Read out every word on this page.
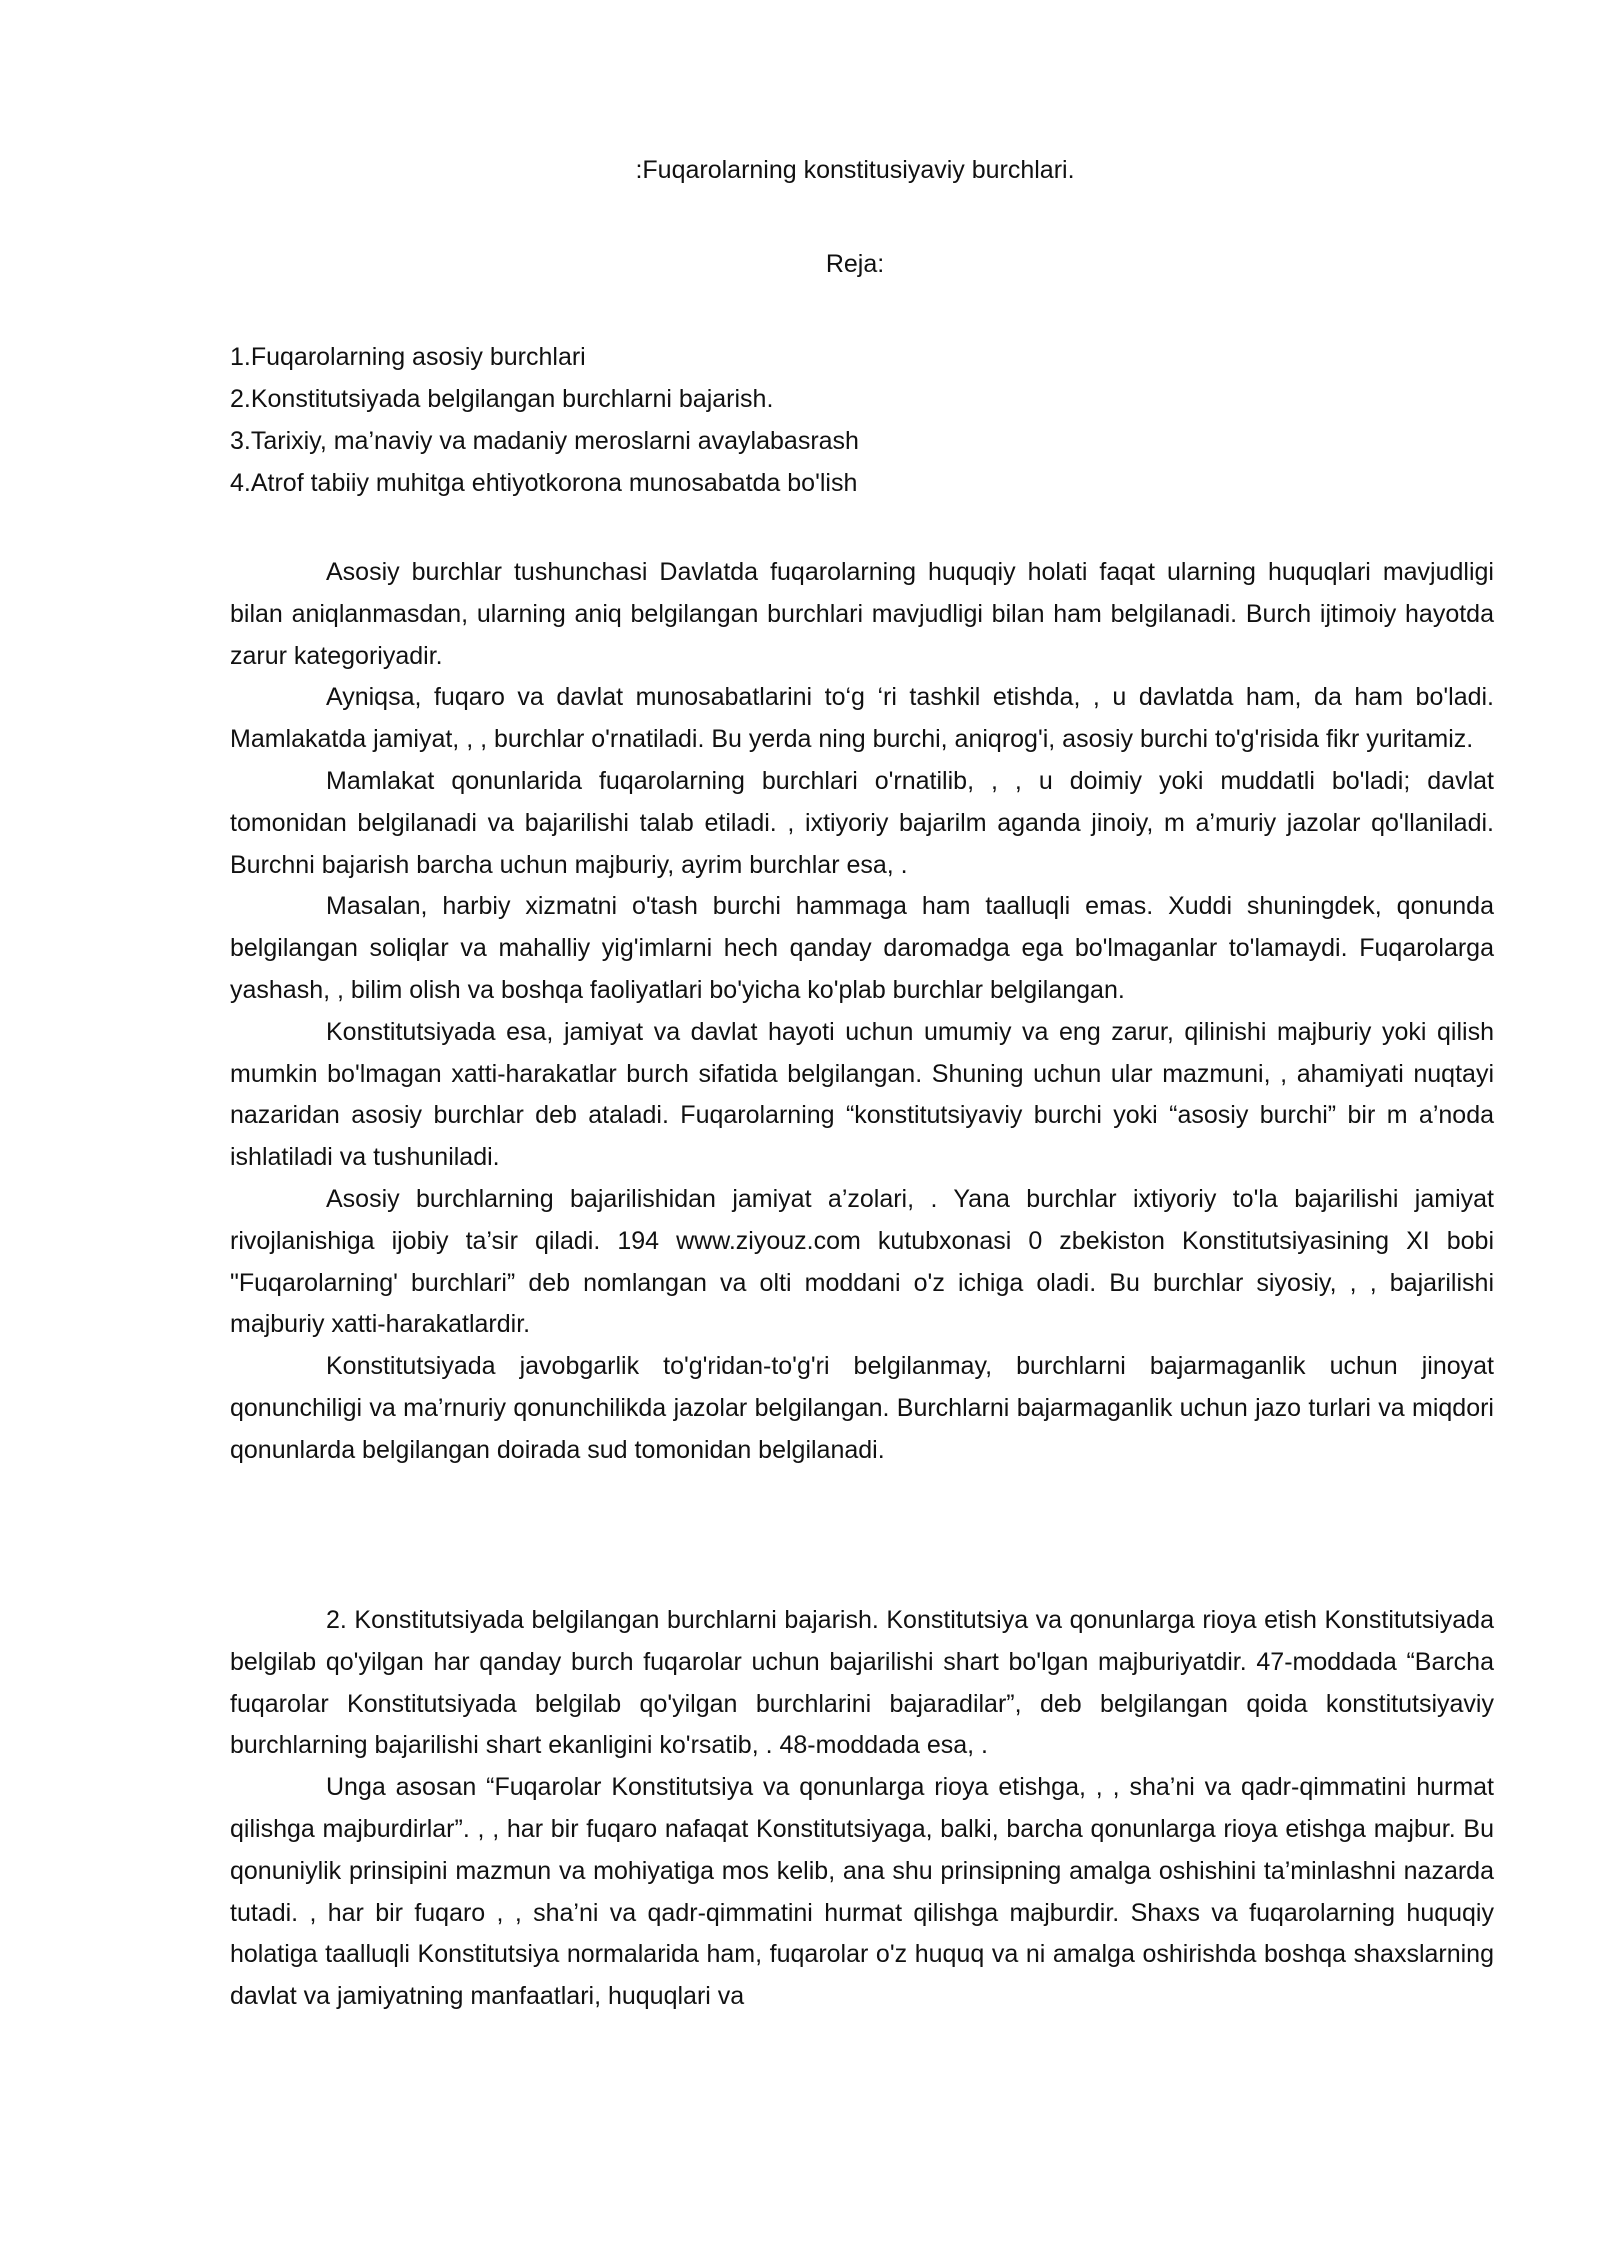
:Fuqarolarning konstitusiyaviy burchlari.
Reja:
1.Fuqarolarning asosiy burchlari
2.Konstitutsiyada belgilangan burchlarni bajarish.
3.Tarixiy, ma’naviy va madaniy meroslarni avaylabasrash
4.Atrof tabiiy muhitga ehtiyotkorona munosabatda bo'lish

Asosiy burchlar tushunchasi Davlatda fuqarolarning huquqiy holati faqat ularning huquqlari mavjudligi bilan aniqlanmasdan, ularning aniq belgilangan burchlari mavjudligi bilan ham belgilanadi. Burch ijtimoiy hayotda zarur kategoriyadir.

Ayniqsa, fuqaro va davlat munosabatlarini to‘g ‘ri tashkil etishda, , u davlatda ham, da ham bo'ladi. Mamlakatda jamiyat, , , burchlar o'rnatiladi. Bu yerda ning burchi, aniqrog'i, asosiy burchi to'g'risida fikr yuritamiz.

Mamlakat qonunlarida fuqarolarning burchlari o'rnatilib, , , u doimiy yoki muddatli bo'ladi; davlat tomonidan belgilanadi va bajarilishi talab etiladi. , ixtiyoriy bajarilm aganda jinoiy, m a’muriy jazolar qo'llaniladi. Burchni bajarish barcha uchun majburiy, ayrim burchlar esa, .

Masalan, harbiy xizmatni o'tash burchi hammaga ham taalluqli emas. Xuddi shuningdek, qonunda belgilangan soliqlar va mahalliy yig'imlarni hech qanday daromadga ega bo'lmaganlar to'lamaydi. Fuqarolarga yashash, , bilim olish va boshqa faoliyatlari bo'yicha ko'plab burchlar belgilangan.

Konstitutsiyada esa, jamiyat va davlat hayoti uchun umumiy va eng zarur, qilinishi majburiy yoki qilish mumkin bo'lmagan xatti-harakatlar burch sifatida belgilangan. Shuning uchun ular mazmuni, , ahamiyati nuqtayi nazaridan asosiy burchlar deb ataladi. Fuqarolarning “konstitutsiyaviy burchi yoki “asosiy burchi” bir m a’noda ishlatiladi va tushuniladi.

Asosiy burchlarning bajarilishidan jamiyat a’zolari, . Yana burchlar ixtiyoriy to'la bajarilishi jamiyat rivojlanishiga ijobiy ta’sir qiladi. 194 www.ziyouz.com kutubxonasi 0 zbekiston Konstitutsiyasining XI bobi "Fuqarolarning' burchlari” deb nomlangan va olti moddani o'z ichiga oladi. Bu burchlar siyosiy, , , bajarilishi majburiy xatti-harakatlardir.

Konstitutsiyada javobgarlik to'g'ridan-to'g'ri belgilanmay, burchlarni bajarmaganlik uchun jinoyat qonunchiligi va ma’rnuriy qonunchilikda jazolar belgilangan. Burchlarni bajarmaganlik uchun jazo turlari va miqdori qonunlarda belgilangan doirada sud tomonidan belgilanadi.

2. Konstitutsiyada belgilangan burchlarni bajarish. Konstitutsiya va qonunlarga rioya etish Konstitutsiyada belgilab qo'yilgan har qanday burch fuqarolar uchun bajarilishi shart bo'lgan majburiyatdir. 47-moddada “Barcha fuqarolar Konstitutsiyada belgilab qo'yilgan burchlarini bajaradilar”, deb belgilangan qoida konstitutsiyaviy burchlarning bajarilishi shart ekanligini ko'rsatib, . 48-moddada esa, .

Unga asosan “Fuqarolar Konstitutsiya va qonunlarga rioya etishga, , , sha’ni va qadr-qimmatini hurmat qilishga majburdirlar”. , , har bir fuqaro nafaqat Konstitutsiyaga, balki, barcha qonunlarga rioya etishga majbur. Bu qonuniylik prinsipini mazmun va mohiyatiga mos kelib, ana shu prinsipning amalga oshishini ta’minlashni nazarda tutadi. , har bir fuqaro , , sha’ni va qadr-qimmatini hurmat qilishga majburdir. Shaxs va fuqarolarning huquqiy holatiga taalluqli Konstitutsiya normalarida ham, fuqarolar o'z huquq va ni amalga oshirishda boshqa shaxslarning davlat va jamiyatning manfaatlari, huquqlari va
